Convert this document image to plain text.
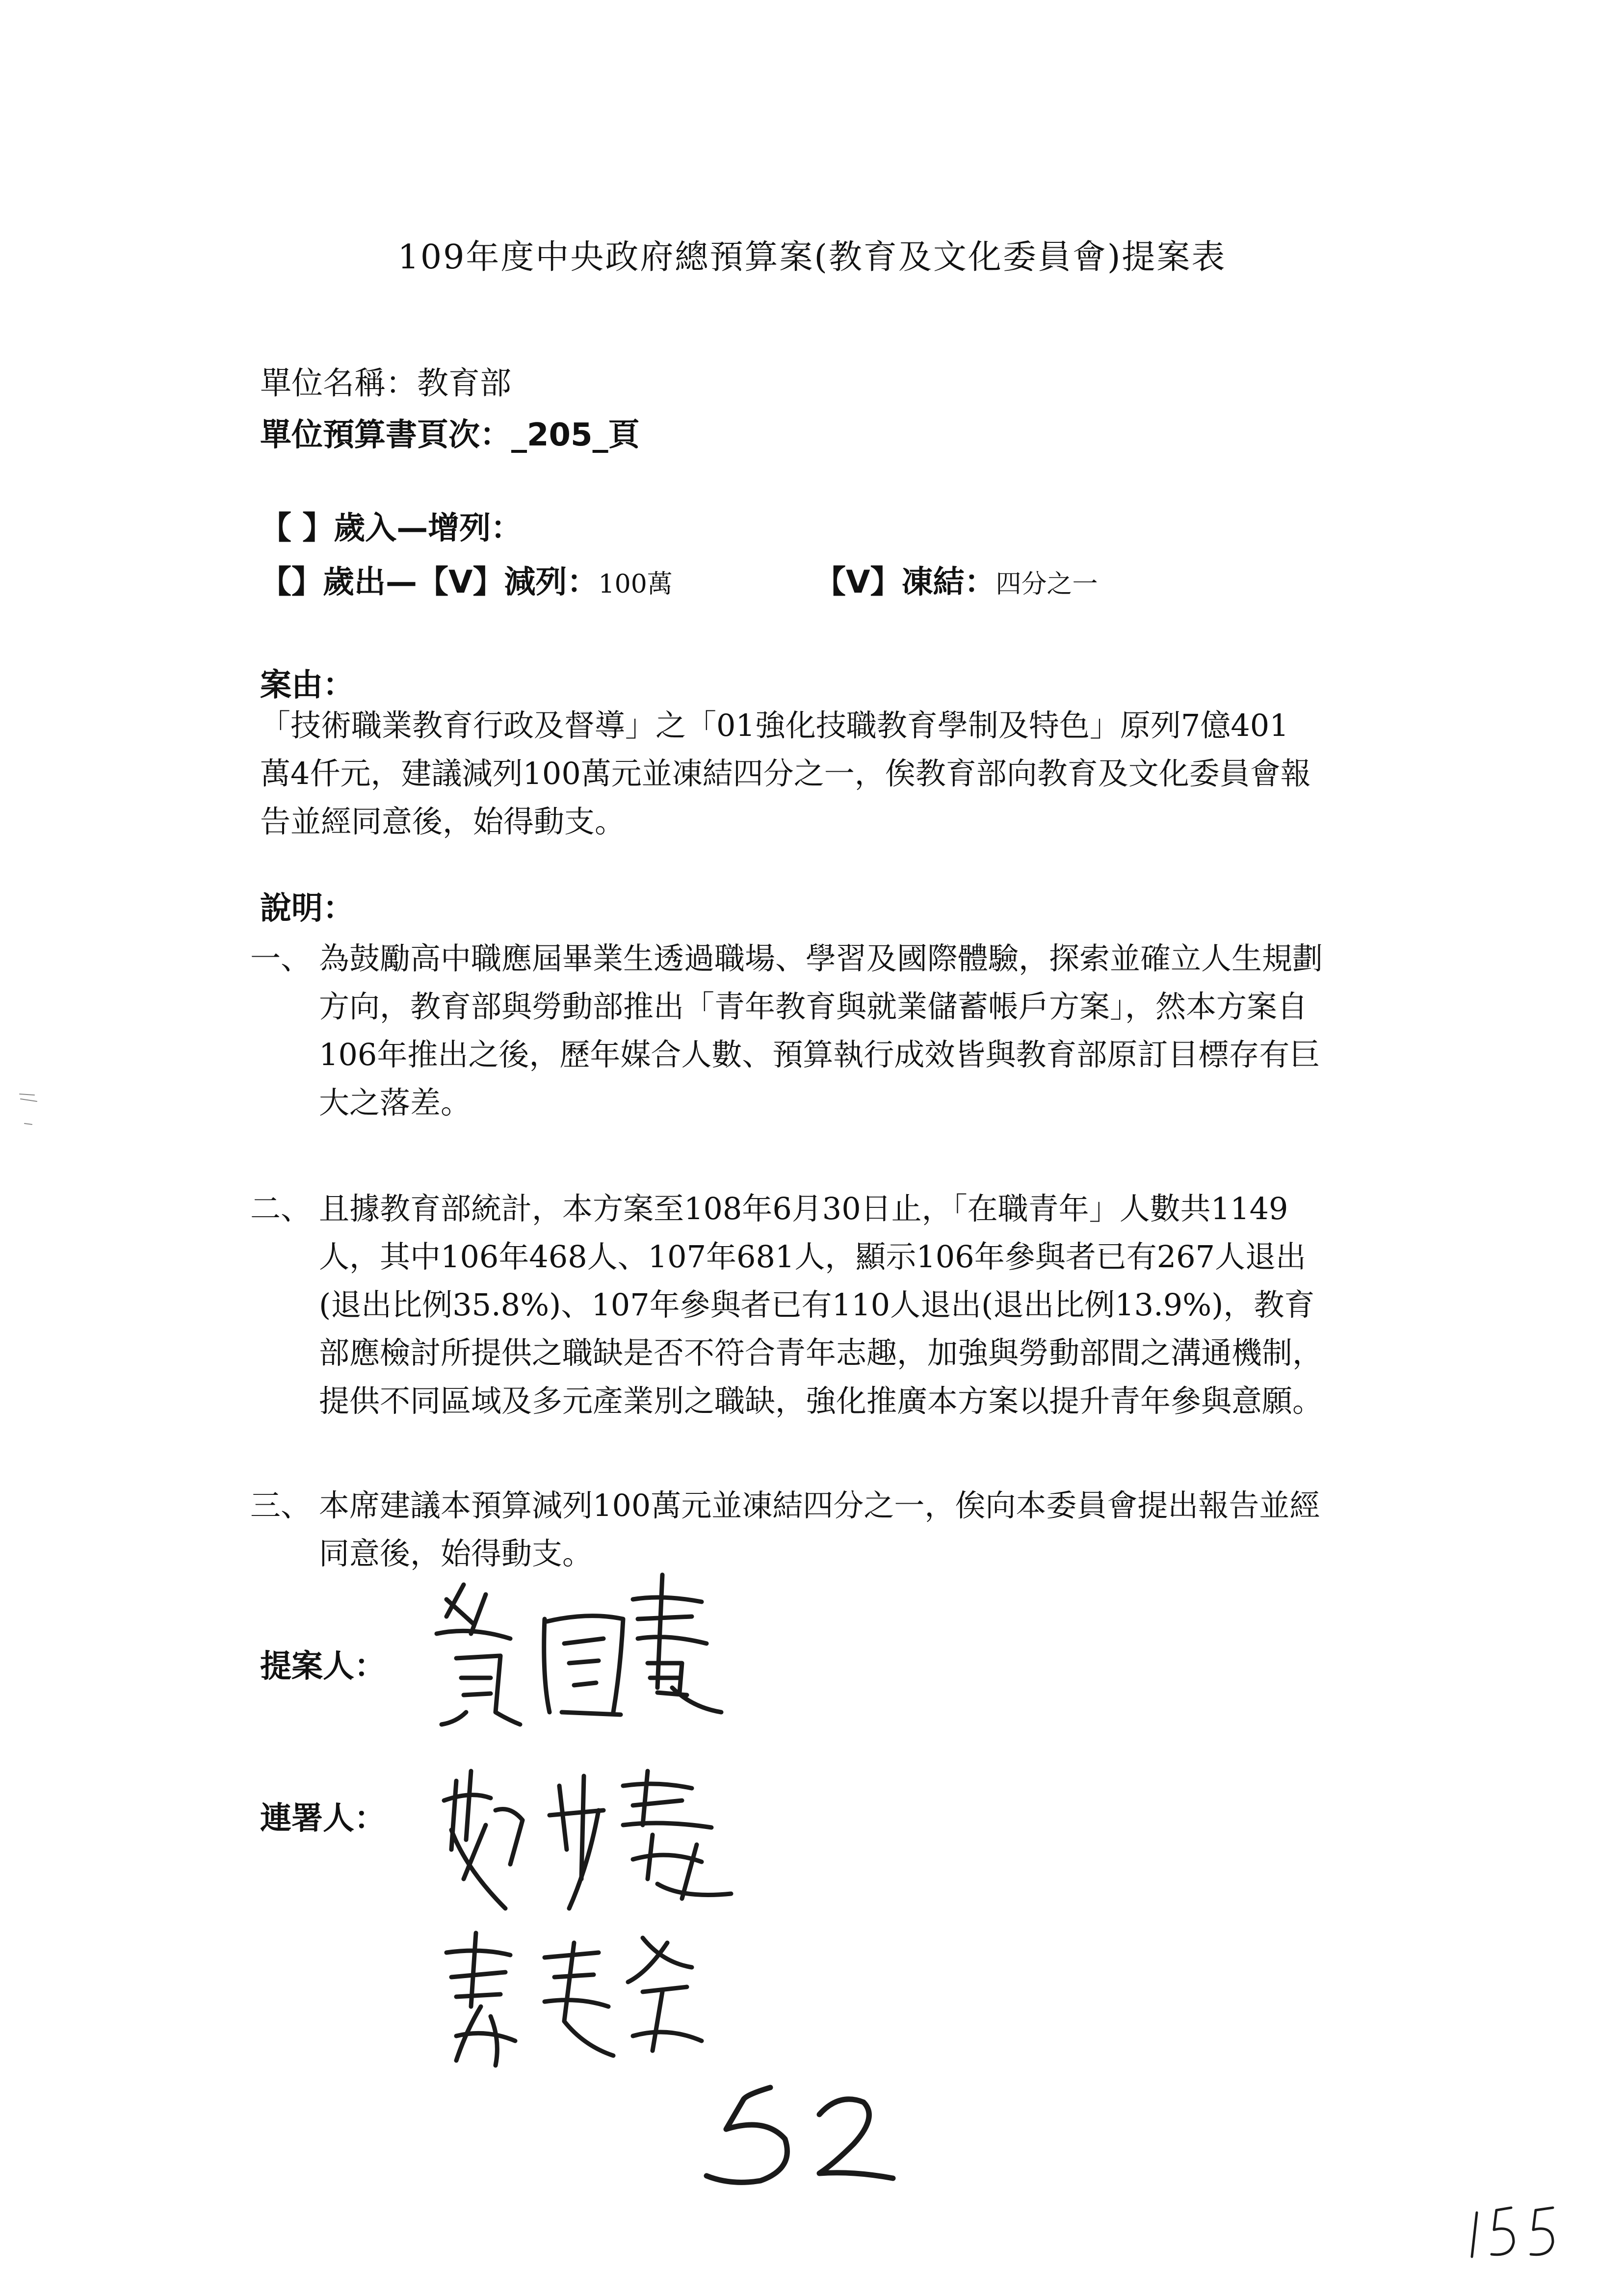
109年度中央政府總預算案(教育及文化委員會)提案表
單位名稱：教育部
單位預算書頁次：_205_頁
【 】歲入—增列：
【】歲出—【V】減列：100萬	【V】凍結：四分之一
案由：

「技術職業教育行政及督導」之「01強化技職教育學制及特色」原列7億401

萬4仟元，建議減列100萬元並凍結四分之一，俟教育部向教育及文化委員會報

告並經同意後，始得動支。

說明：
一、 為鼓勵高中職應屆畢業生透過職場、學習及國際體驗，探索並確立人生規劃
方向，教育部與勞動部推出「青年教育與就業儲蓄帳戶方案」，然本方案自
106年推出之後，歷年媒合人數、預算執行成效皆與教育部原訂目標存有巨
大之落差。
二、 且據教育部統計，本方案至108年6月30日止，「在職青年」人數共1149
人，其中106年468人、107年681人，顯示106年參與者已有267人退出
(退出比例35.8%)、107年參與者已有110人退出(退出比例13.9%)，教育
部應檢討所提供之職缺是否不符合青年志趣，加強與勞動部間之溝通機制，
提供不同區域及多元產業別之職缺，強化推廣本方案以提升青年參與意願。
三、 本席建議本預算減列100萬元並凍結四分之一，俟向本委員會提出報告並經
同意後，始得動支。
提案人：
連署人：
